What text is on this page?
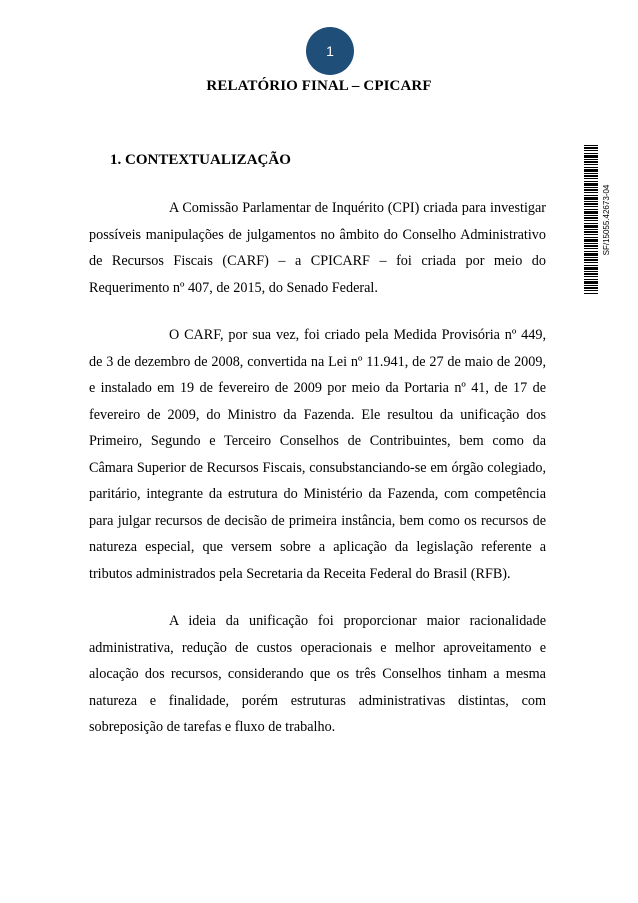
1
RELATÓRIO FINAL – CPICARF
1. CONTEXTUALIZAÇÃO

A Comissão Parlamentar de Inquérito (CPI) criada para investigar possíveis manipulações de julgamentos no âmbito do Conselho Administrativo de Recursos Fiscais (CARF) – a CPICARF – foi criada por meio do Requerimento nº 407, de 2015, do Senado Federal.

O CARF, por sua vez, foi criado pela Medida Provisória nº 449, de 3 de dezembro de 2008, convertida na Lei nº 11.941, de 27 de maio de 2009, e instalado em 19 de fevereiro de 2009 por meio da Portaria nº 41, de 17 de fevereiro de 2009, do Ministro da Fazenda. Ele resultou da unificação dos Primeiro, Segundo e Terceiro Conselhos de Contribuintes, bem como da Câmara Superior de Recursos Fiscais, consubstanciando-se em órgão colegiado, paritário, integrante da estrutura do Ministério da Fazenda, com competência para julgar recursos de decisão de primeira instância, bem como os recursos de natureza especial, que versem sobre a aplicação da legislação referente a tributos administrados pela Secretaria da Receita Federal do Brasil (RFB).

A ideia da unificação foi proporcionar maior racionalidade administrativa, redução de custos operacionais e melhor aproveitamento e alocação dos recursos, considerando que os três Conselhos tinham a mesma natureza e finalidade, porém estruturas administrativas distintas, com sobreposição de tarefas e fluxo de trabalho.

SF/15055.42673-04
